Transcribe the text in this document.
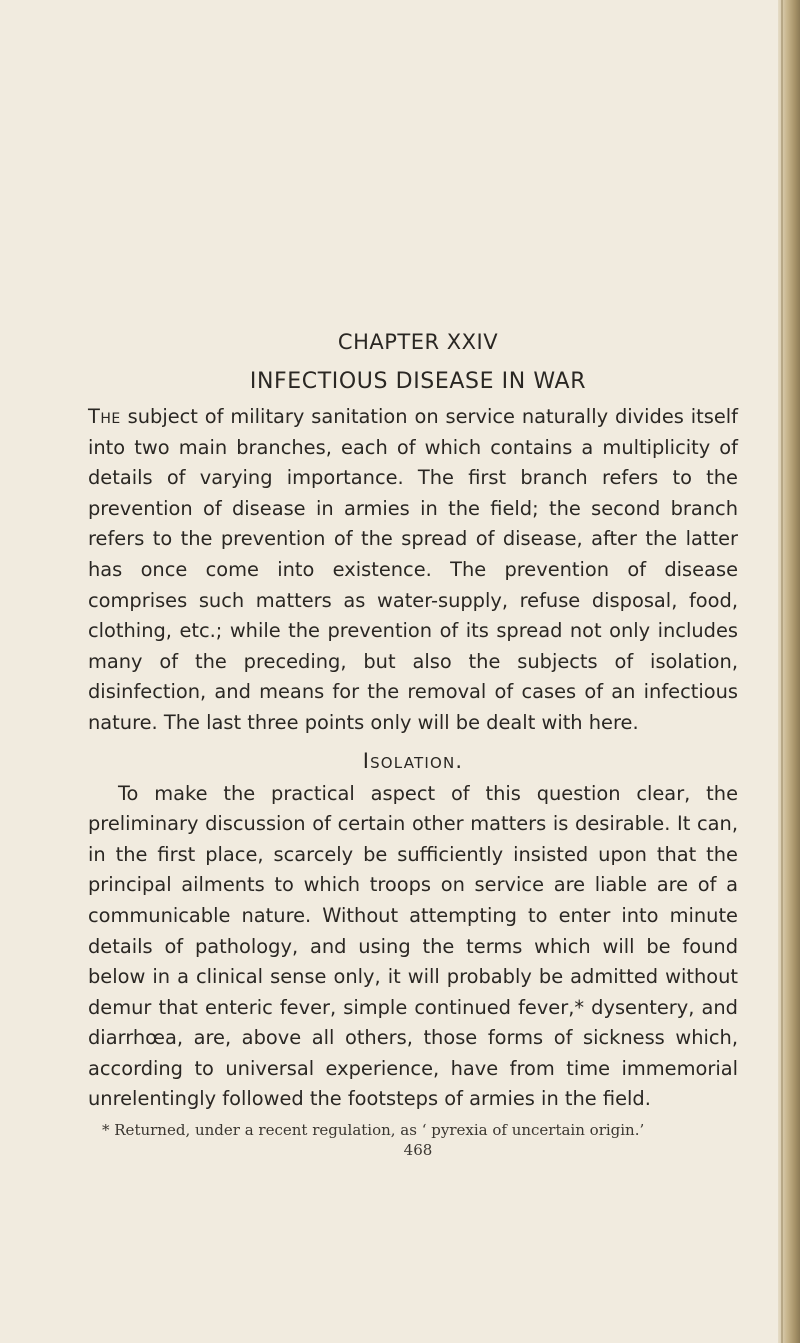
CHAPTER XXIV

INFECTIOUS DISEASE IN WAR

The subject of military sanitation on service naturally divides itself into two main branches, each of which contains a multiplicity of details of varying importance. The first branch refers to the prevention of disease in armies in the field; the second branch refers to the prevention of the spread of disease, after the latter has once come into existence. The prevention of disease comprises such matters as water-supply, refuse disposal, food, clothing, etc.; while the prevention of its spread not only includes many of the preceding, but also the subjects of isolation, disinfection, and means for the removal of cases of an infectious nature. The last three points only will be dealt with here.

Isolation.

To make the practical aspect of this question clear, the preliminary discussion of certain other matters is desirable. It can, in the first place, scarcely be sufficiently insisted upon that the principal ailments to which troops on service are liable are of a communicable nature. Without attempting to enter into minute details of pathology, and using the terms which will be found below in a clinical sense only, it will probably be admitted without demur that enteric fever, simple continued fever,* dysentery, and diarrhœa, are, above all others, those forms of sickness which, according to universal experience, have from time immemorial unrelentingly followed the footsteps of armies in the field.

* Returned, under a recent regulation, as ‘ pyrexia of uncertain origin.’

468
